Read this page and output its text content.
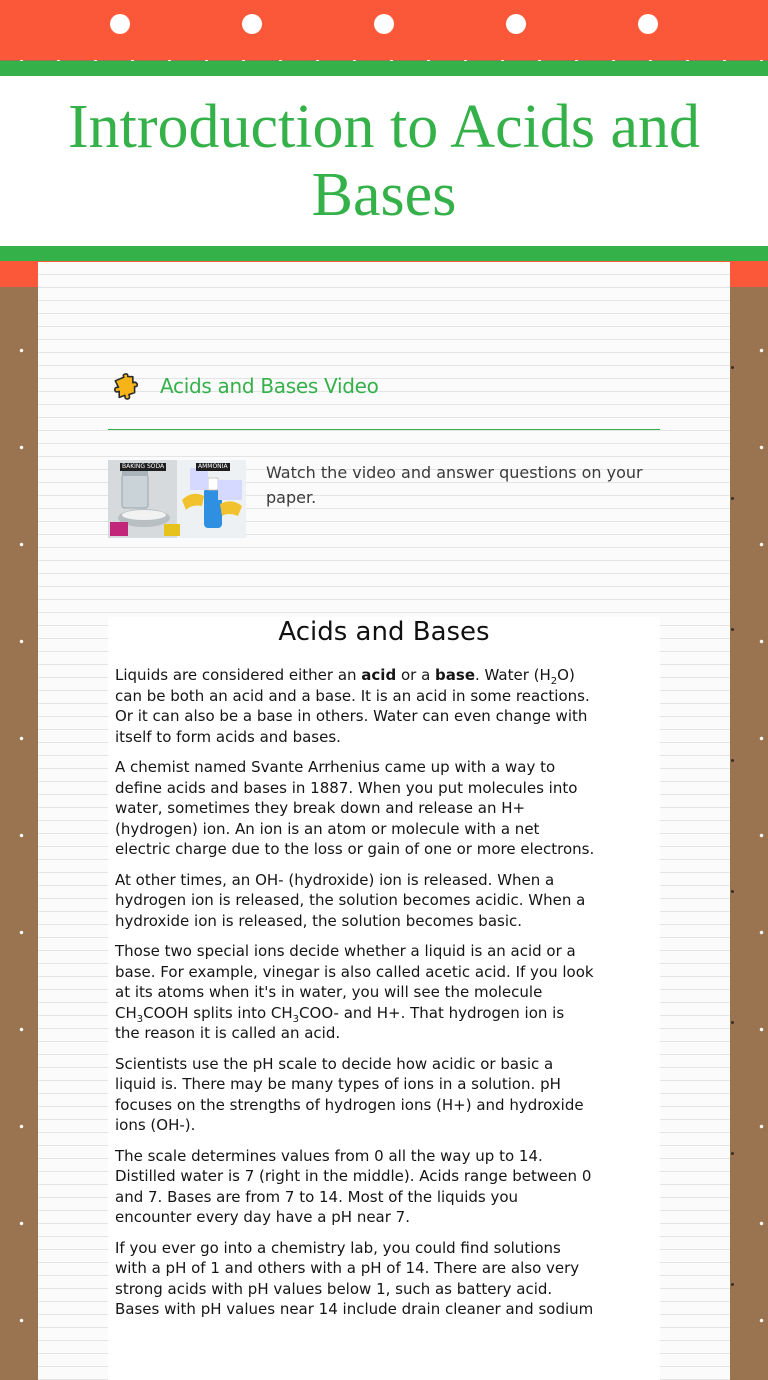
Introduction to Acids and Bases
Acids and Bases Video
BAKING SODA	AMMONIA Watch the video and answer questions on your paper.

Acids and Bases
Liquids are considered either an acid or a base. Water $(H_2O)$
can be both an acid and a base. It is an acid in some reactions.
Or it can also be a base in others. Water can even change with
itself to form acids and bases.
A chemist named Svante Arrhenius came up with a way to
define acids and bases in 1887. When you put molecules into
water, sometimes they break down and release an H+
(hydrogen) ion. An ion is an atom or molecule with a net
electric charge due to the loss or gain of one or more electrons.
At other times, an OH- (hydroxide) ion is released. When a
hydrogen ion is released, the solution becomes acidic. When a
hydroxide ion is released, the solution becomes basic.
Those two special ions decide whether a liquid is an acid or a
base. For example, vinegar is also called acetic acid. If you look
at its atoms when it's in water, you will see the molecule
$CH_3COOH$ splits into $CH_3COO-$ and H+. That hydrogen ion is
the reason it is called an acid.
Scientists use the pH scale to decide how acidic or basic a
liquid is. There may be many types of ions in a solution. pH
focuses on the strengths of hydrogen ions (H+) and hydroxide
ions (OH-).
The scale determines values from 0 all the way up to 14.
Distilled water is 7 (right in the middle). Acids range between 0
and 7. Bases are from 7 to 14. Most of the liquids you
encounter every day have a pH near 7.
If you ever go into a chemistry lab, you could find solutions
with a pH of 1 and others with a pH of 14. There are also very
strong acids with pH values below 1, such as battery acid.
Bases with pH values near 14 include drain cleaner and sodium
